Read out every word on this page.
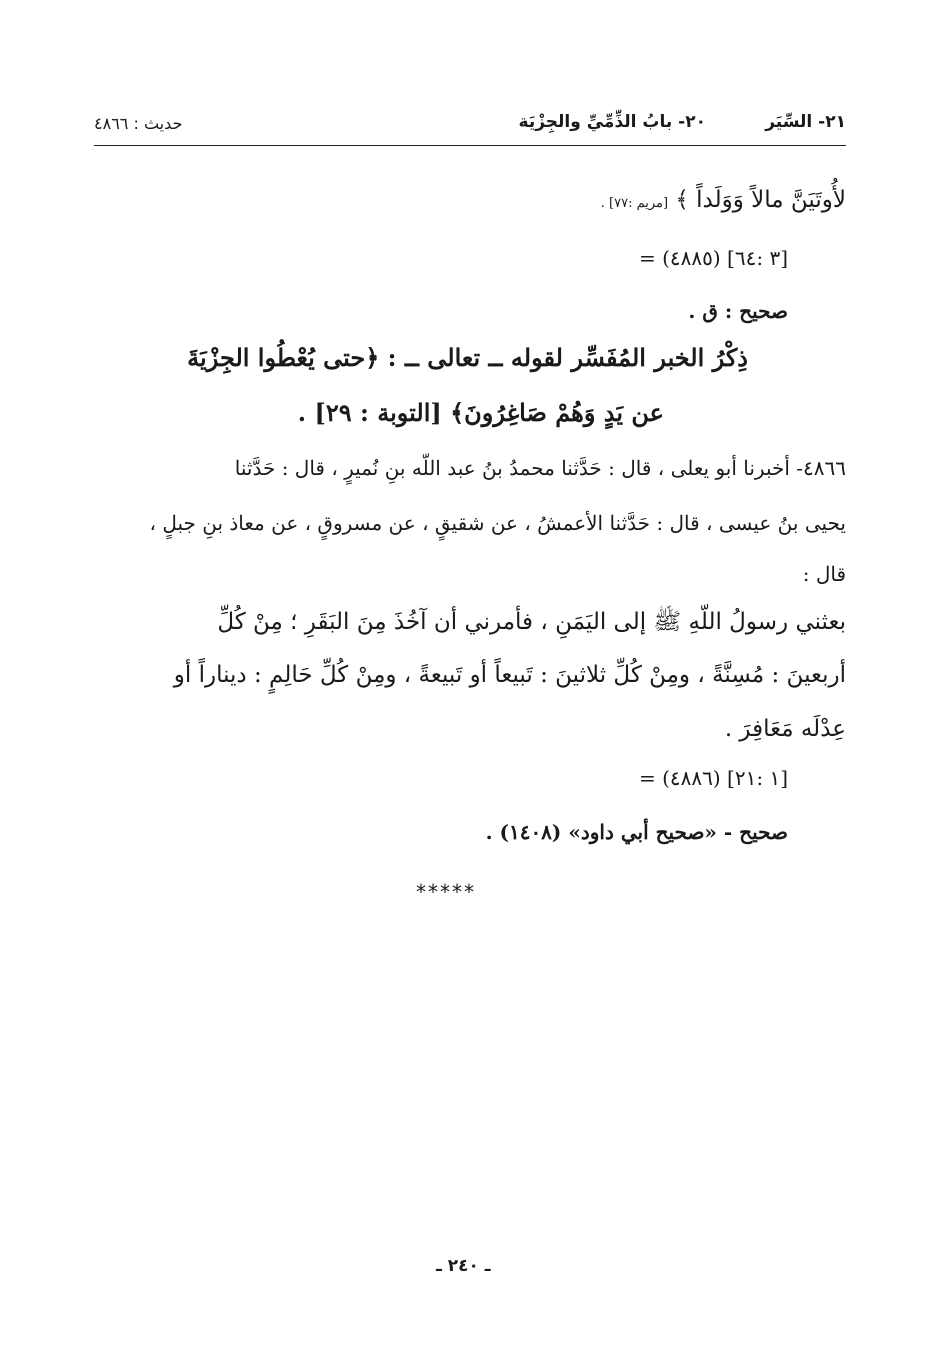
٢١- السِّيَر
٢٠- بابُ الذِّمِّيِّ والجِزْيَة
حديث : ٤٨٦٦
لأُوتَيَنَّ مالاً وَوَلَداً ﴾ [مريم :٧٧] .
= (٤٨٨٥) [٣ :٦٤]
صحيح : ق .
ذِكْرُ الخبر المُفَسِّر لقوله ــ تعالى ــ : ﴿حتى يُعْطُوا الجِزْيَةَ
عن يَدٍ وَهُمْ صَاغِرُونَ﴾ [التوبة : ٢٩] .
٤٨٦٦- أخبرنا أبو يعلى ، قال : حَدَّثنا محمدُ بنُ عبد اللّه بنِ نُميرٍ ، قال : حَدَّثنا
يحيى بنُ عيسى ، قال : حَدَّثنا الأعمشُ ، عن شقيقٍ ، عن مسروقٍ ، عن معاذ بنِ جبلٍ ،
قال :
بعثني رسولُ اللّهِ ﷺ إلى اليَمَنِ ، فأمرني أن آخُذَ مِنَ البَقَرِ ؛ مِنْ كُلِّ
أربعينَ : مُسِنَّةً ، ومِنْ كُلِّ ثلاثينَ : تَبيعاً أو تَبيعةً ، ومِنْ كُلِّ حَالِمٍ : ديناراً أو
عِدْلَه مَعَافِرَ .
= (٤٨٨٦) [١ :٢١]
صحيح - «صحيح أبي داود» (١٤٠٨) .
*****
ـ ٢٤٠ ـ
